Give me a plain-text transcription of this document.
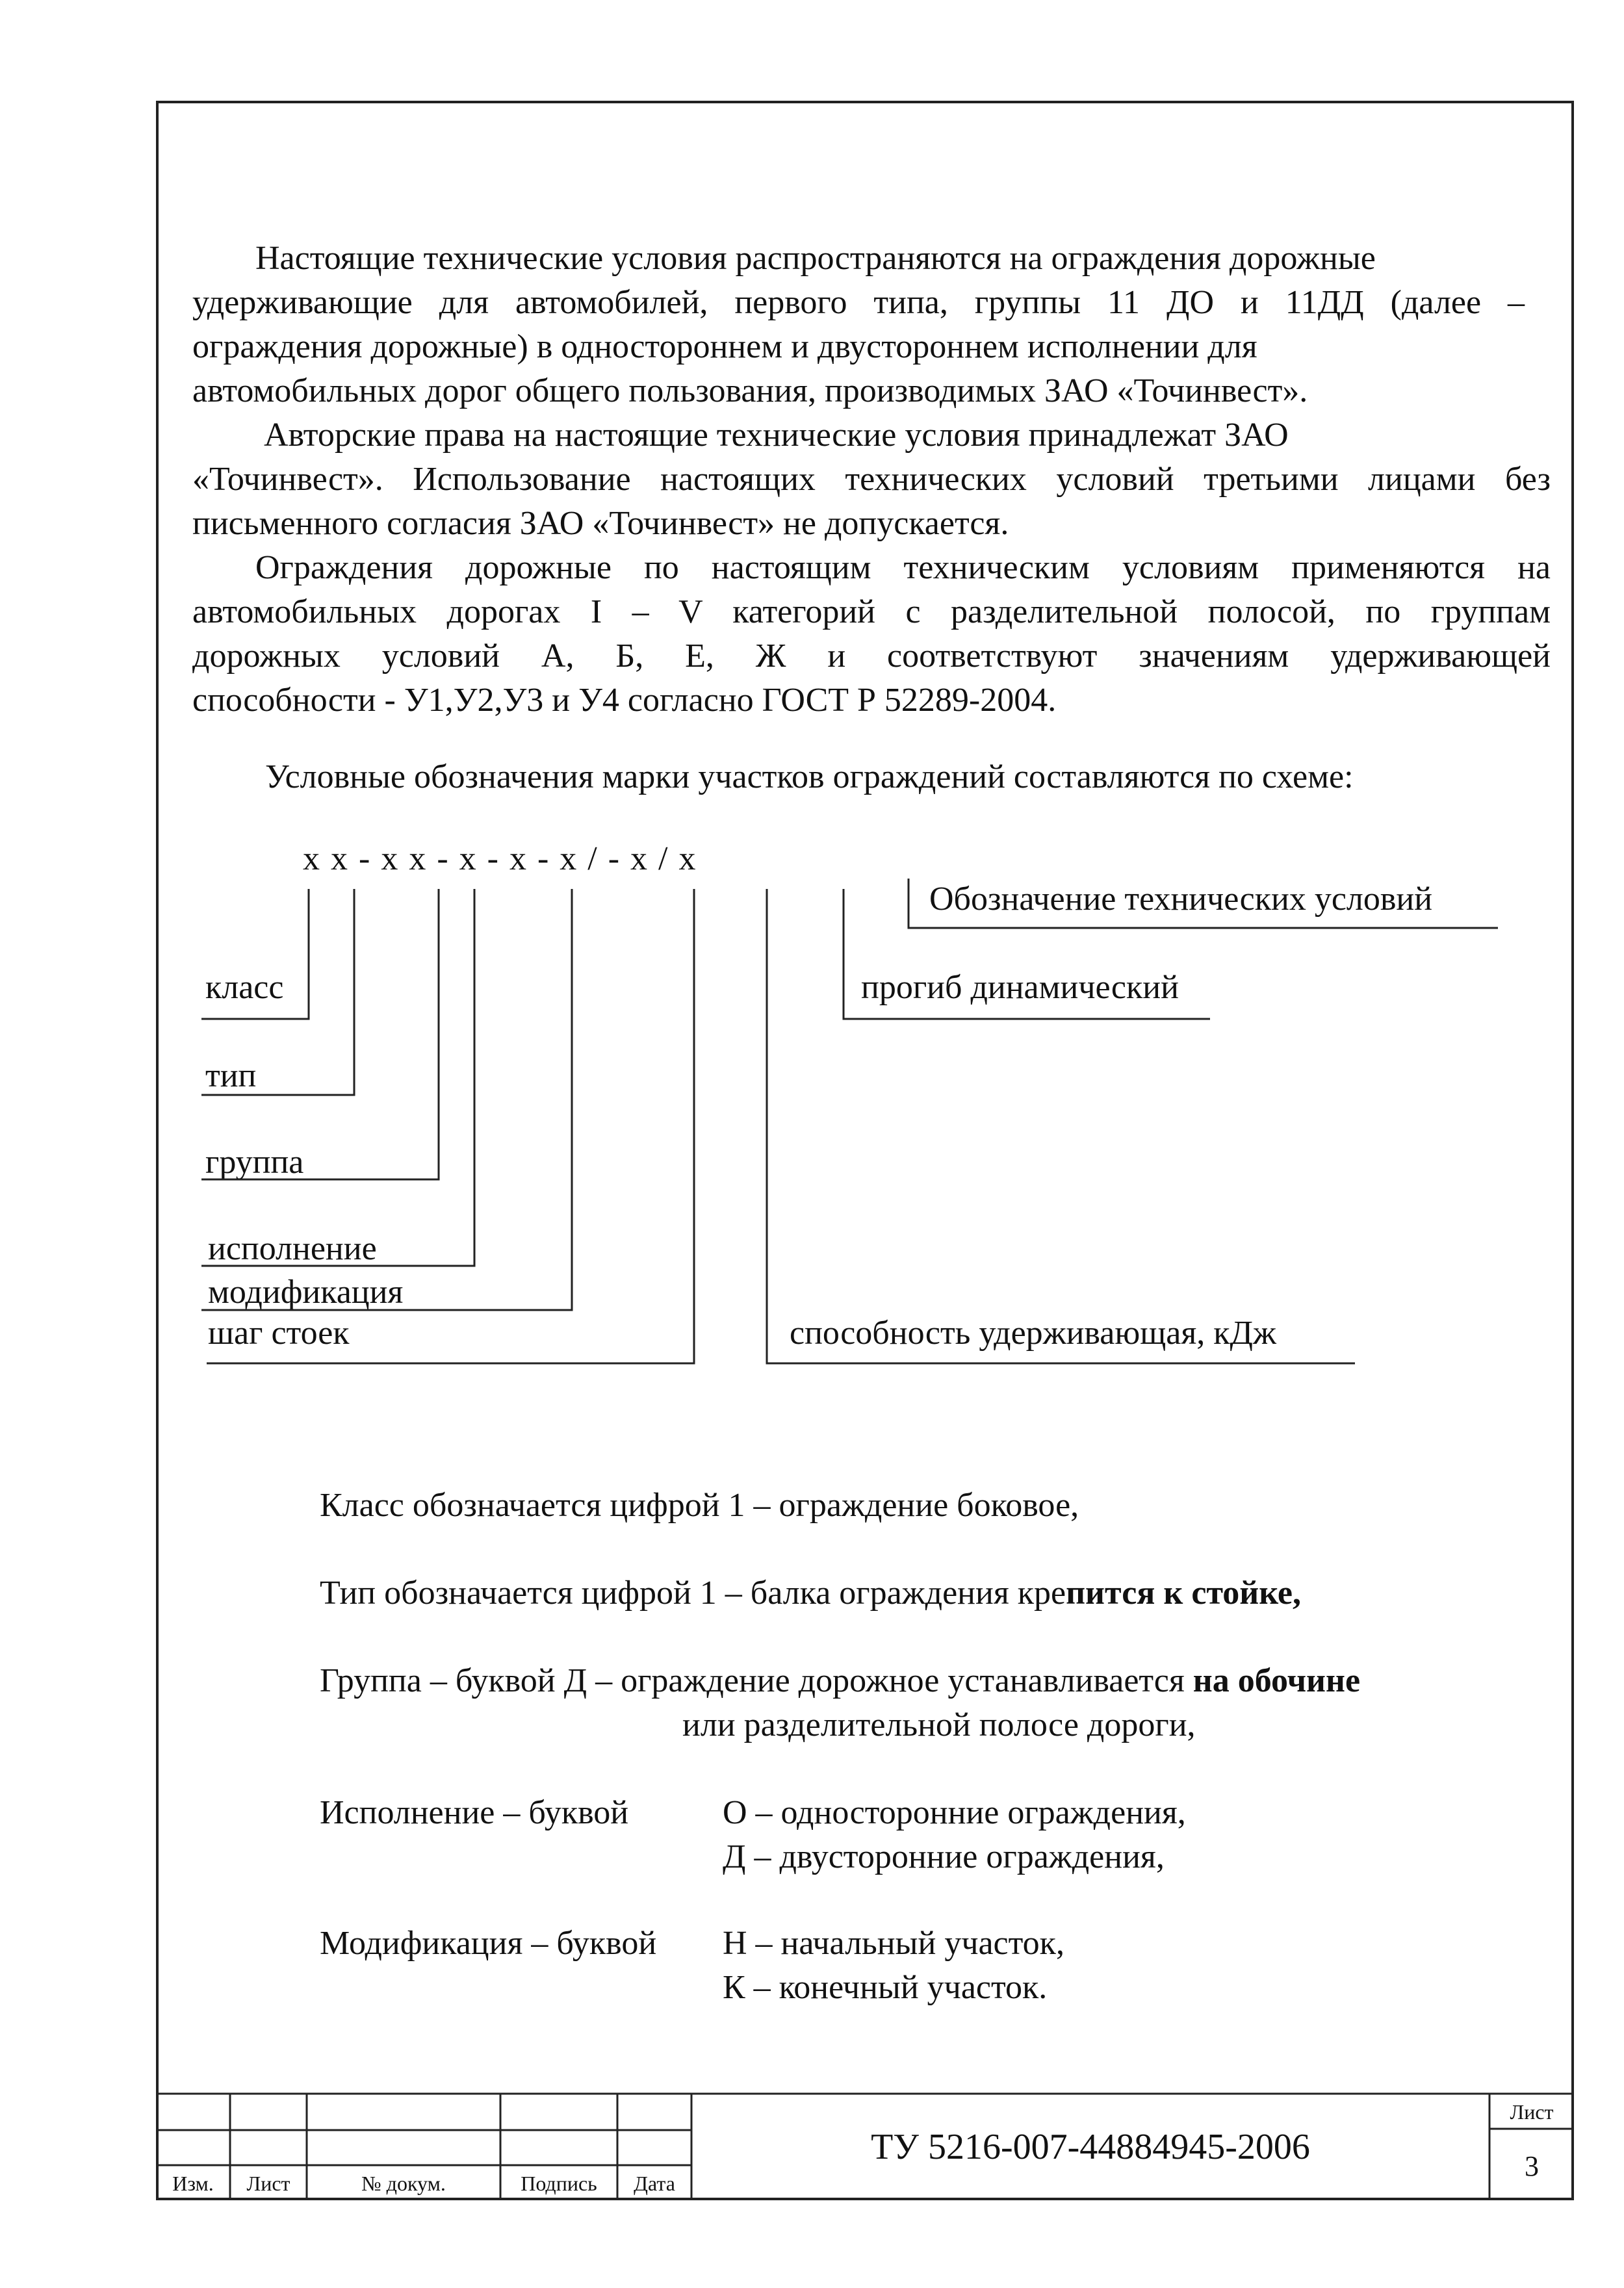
Настоящие технические условия распространяются на ограждения дорожные
удерживающие для автомобилей, первого типа, группы 11 ДО и 11ДД (далее –
ограждения дорожные) в одностороннем и двустороннем исполнении для
автомобильных дорог общего пользования, производимых ЗАО «Точинвест».
Авторские права на настоящие технические условия принадлежат ЗАО
«Точинвест». Использование настоящих технических условий третьими лицами без
письменного согласия ЗАО «Точинвест» не допускается.
Ограждения дорожные по настоящим техническим условиям применяются на
автомобильных дорогах I – V категорий с разделительной полосой, по группам
дорожных условий А, Б, Е, Ж и соответствуют значениям удерживающей
способности - У1,У2,У3 и У4 согласно ГОСТ Р 52289-2004.
Условные обозначения марки участков ограждений составляются по схеме:
x x - x x - x - x - x / - x / x
Обозначение технических условий
прогиб динамический
класс
тип
группа
исполнение
модификация
шаг стоек	способность удерживающая, кДж
Класс обозначается цифрой 1 – ограждение боковое,
Тип обозначается цифрой 1 – балка ограждения крепится к стойке,
Группа – буквой Д – ограждение дорожное устанавливается на обочине
или разделительной полосе дороги,
Исполнение – буквой	О – односторонние ограждения,
Д – двусторонние ограждения,
Модификация – буквой Н – начальный участок,
К – конечный участок.
Изм.	Лист	№ докум.	Подпись	Дата
ТУ 5216-007-44884945-2006
Лист
3
